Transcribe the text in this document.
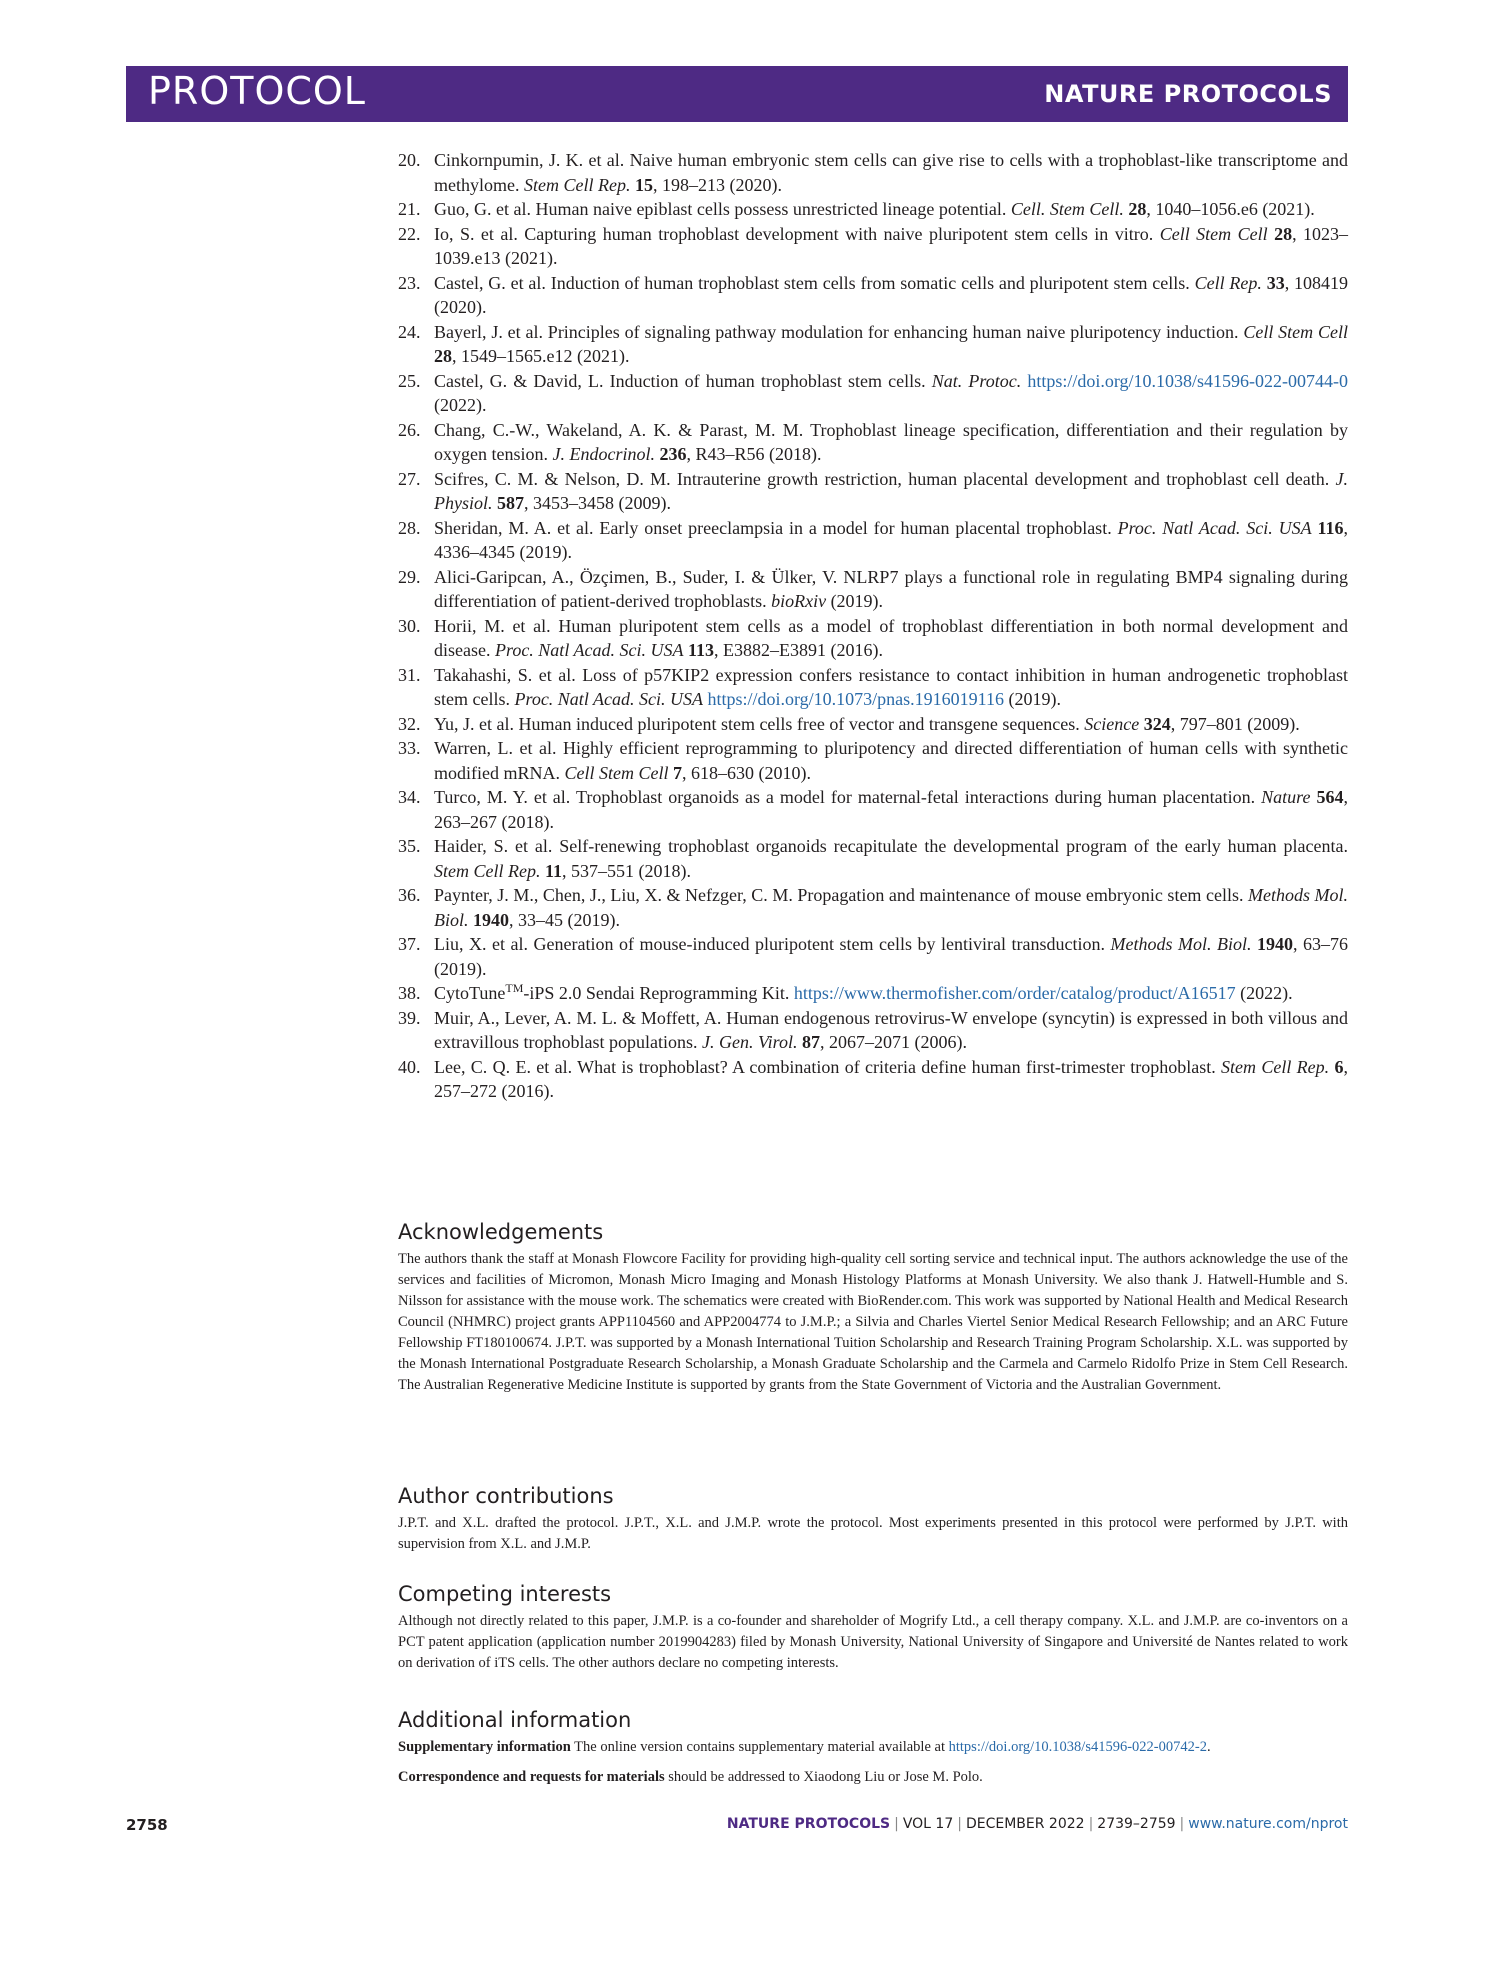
PROTOCOL	NATURE PROTOCOLS
20. Cinkornpumin, J. K. et al. Naive human embryonic stem cells can give rise to cells with a trophoblast-like transcriptome and methylome. Stem Cell Rep. 15, 198–213 (2020).
21. Guo, G. et al. Human naive epiblast cells possess unrestricted lineage potential. Cell. Stem Cell. 28, 1040–1056.e6 (2021).
22. Io, S. et al. Capturing human trophoblast development with naive pluripotent stem cells in vitro. Cell Stem Cell 28, 1023–1039.e13 (2021).
23. Castel, G. et al. Induction of human trophoblast stem cells from somatic cells and pluripotent stem cells. Cell Rep. 33, 108419 (2020).
24. Bayerl, J. et al. Principles of signaling pathway modulation for enhancing human naive pluripotency induction. Cell Stem Cell 28, 1549–1565.e12 (2021).
25. Castel, G. & David, L. Induction of human trophoblast stem cells. Nat. Protoc. https://doi.org/10.1038/s41596-022-00744-0 (2022).
26. Chang, C.-W., Wakeland, A. K. & Parast, M. M. Trophoblast lineage specification, differentiation and their regulation by oxygen tension. J. Endocrinol. 236, R43–R56 (2018).
27. Scifres, C. M. & Nelson, D. M. Intrauterine growth restriction, human placental development and trophoblast cell death. J. Physiol. 587, 3453–3458 (2009).
28. Sheridan, M. A. et al. Early onset preeclampsia in a model for human placental trophoblast. Proc. Natl Acad. Sci. USA 116, 4336–4345 (2019).
29. Alici-Garipcan, A., Özçimen, B., Suder, I. & Ülker, V. NLRP7 plays a functional role in regulating BMP4 signaling during differentiation of patient-derived trophoblasts. bioRxiv (2019).
30. Horii, M. et al. Human pluripotent stem cells as a model of trophoblast differentiation in both normal development and disease. Proc. Natl Acad. Sci. USA 113, E3882–E3891 (2016).
31. Takahashi, S. et al. Loss of p57KIP2 expression confers resistance to contact inhibition in human androgenetic trophoblast stem cells. Proc. Natl Acad. Sci. USA https://doi.org/10.1073/pnas.1916019116 (2019).
32. Yu, J. et al. Human induced pluripotent stem cells free of vector and transgene sequences. Science 324, 797–801 (2009).
33. Warren, L. et al. Highly efficient reprogramming to pluripotency and directed differentiation of human cells with synthetic modified mRNA. Cell Stem Cell 7, 618–630 (2010).
34. Turco, M. Y. et al. Trophoblast organoids as a model for maternal-fetal interactions during human placentation. Nature 564, 263–267 (2018).
35. Haider, S. et al. Self-renewing trophoblast organoids recapitulate the developmental program of the early human placenta. Stem Cell Rep. 11, 537–551 (2018).
36. Paynter, J. M., Chen, J., Liu, X. & Nefzger, C. M. Propagation and maintenance of mouse embryonic stem cells. Methods Mol. Biol. 1940, 33–45 (2019).
37. Liu, X. et al. Generation of mouse-induced pluripotent stem cells by lentiviral transduction. Methods Mol. Biol. 1940, 63–76 (2019).
38. CytoTune™-iPS 2.0 Sendai Reprogramming Kit. https://www.thermofisher.com/order/catalog/product/A16517 (2022).
39. Muir, A., Lever, A. M. L. & Moffett, A. Human endogenous retrovirus-W envelope (syncytin) is expressed in both villous and extravillous trophoblast populations. J. Gen. Virol. 87, 2067–2071 (2006).
40. Lee, C. Q. E. et al. What is trophoblast? A combination of criteria define human first-trimester trophoblast. Stem Cell Rep. 6, 257–272 (2016).
Acknowledgements

The authors thank the staff at Monash Flowcore Facility for providing high-quality cell sorting service and technical input. The authors acknowledge the use of the services and facilities of Micromon, Monash Micro Imaging and Monash Histology Platforms at Monash University. We also thank J. Hatwell-Humble and S. Nilsson for assistance with the mouse work. The schematics were created with BioRender.com. This work was supported by National Health and Medical Research Council (NHMRC) project grants APP1104560 and APP2004774 to J.M.P.; a Silvia and Charles Viertel Senior Medical Research Fellowship; and an ARC Future Fellowship FT180100674. J.P.T. was supported by a Monash International Tuition Scholarship and Research Training Program Scholarship. X.L. was supported by the Monash International Postgraduate Research Scholarship, a Monash Graduate Scholarship and the Carmela and Carmelo Ridolfo Prize in Stem Cell Research. The Australian Regenerative Medicine Institute is supported by grants from the State Government of Victoria and the Australian Government.

Author contributions

J.P.T. and X.L. drafted the protocol. J.P.T., X.L. and J.M.P. wrote the protocol. Most experiments presented in this protocol were performed by J.P.T. with supervision from X.L. and J.M.P.

Competing interests

Although not directly related to this paper, J.M.P. is a co-founder and shareholder of Mogrify Ltd., a cell therapy company. X.L. and J.M.P. are co-inventors on a PCT patent application (application number 2019904283) filed by Monash University, National University of Singapore and Université de Nantes related to work on derivation of iTS cells. The other authors declare no competing interests.

Additional information

Supplementary information The online version contains supplementary material available at https://doi.org/10.1038/s41596-022-00742-2.

Correspondence and requests for materials should be addressed to Xiaodong Liu or Jose M. Polo.

2758	NATURE PROTOCOLS | VOL 17 | DECEMBER 2022 | 2739–2759 | www.nature.com/nprot
